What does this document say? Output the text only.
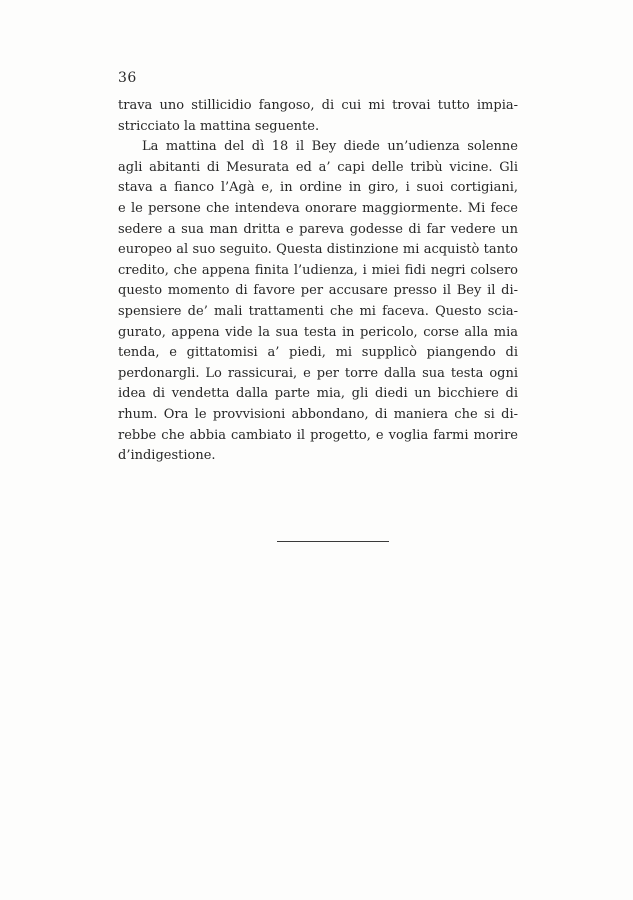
36
trava uno stillicidio fangoso, di cui mi trovai tutto impia-
stricciato la mattina seguente.
La mattina del dì 18 il Bey diede un’udienza solenne
agli abitanti di Mesurata ed a’ capi delle tribù vicine. Gli
stava a fianco l’Agà e, in ordine in giro, i suoi cortigiani,
e le persone che intendeva onorare maggiormente. Mi fece
sedere a sua man dritta e pareva godesse di far vedere un
europeo al suo seguito. Questa distinzione mi acquistò tanto
credito, che appena finita l’udienza, i miei fidi negri colsero
questo momento di favore per accusare presso il Bey il di-
spensiere de’ mali trattamenti che mi faceva. Questo scia-
gurato, appena vide la sua testa in pericolo, corse alla mia
tenda, e gittatomisi a’ piedi, mi supplicò piangendo di
perdonargli. Lo rassicurai, e per torre dalla sua testa ogni
idea di vendetta dalla parte mia, gli diedi un bicchiere di
rhum. Ora le provvisioni abbondano, di maniera che si di-
rebbe che abbia cambiato il progetto, e voglia farmi morire
d’indigestione.
